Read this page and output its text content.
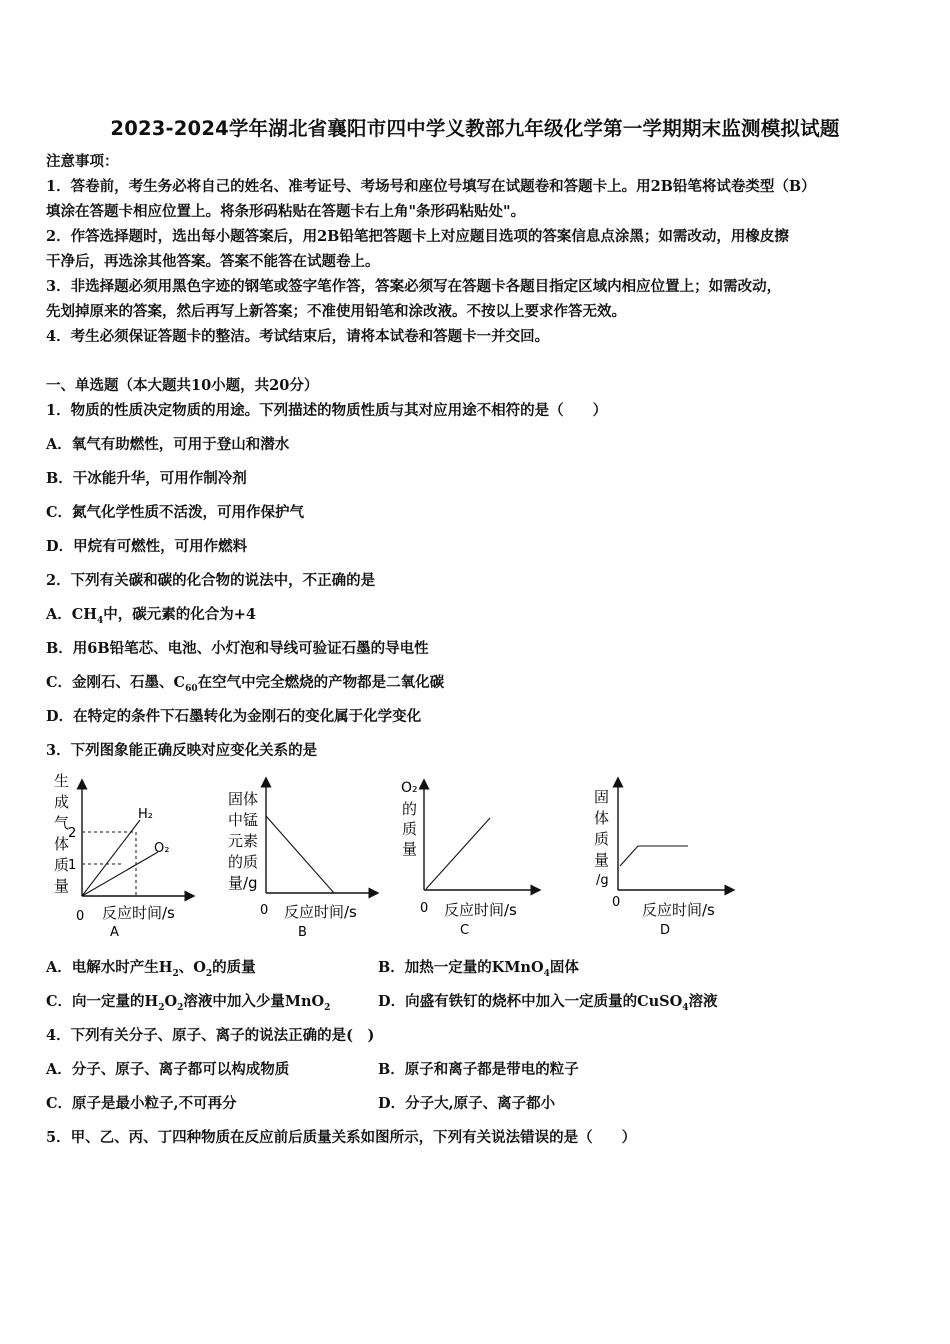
2023-2024学年湖北省襄阳市四中学义教部九年级化学第一学期期末监测模拟试题
注意事项：
1．答卷前，考生务必将自己的姓名、准考证号、考场号和座位号填写在试题卷和答题卡上。用2B铅笔将试卷类型（B）
填涂在答题卡相应位置上。将条形码粘贴在答题卡右上角"条形码粘贴处"。
2．作答选择题时，选出每小题答案后，用2B铅笔把答题卡上对应题目选项的答案信息点涂黑；如需改动，用橡皮擦
干净后，再选涂其他答案。答案不能答在试题卷上。
3．非选择题必须用黑色字迹的钢笔或签字笔作答，答案必须写在答题卡各题目指定区域内相应位置上；如需改动，
先划掉原来的答案，然后再写上新答案；不准使用铅笔和涂改液。不按以上要求作答无效。
4．考生必须保证答题卡的整洁。考试结束后，请将本试卷和答题卡一并交回。
一、单选题（本大题共10小题，共20分）
1．物质的性质决定物质的用途。下列描述的物质性质与其对应用途不相符的是（　　）
A．氧气有助燃性，可用于登山和潜水
B．干冰能升华，可用作制冷剂
C．氮气化学性质不活泼，可用作保护气
D．甲烷有可燃性，可用作燃料
2．下列有关碳和碳的化合物的说法中，不正确的是
A．$CH_4$中，碳元素的化合为+4
B．用6B铅笔芯、电池、小灯泡和导线可验证石墨的导电性
C．金刚石、石墨、$C_{60}$在空气中完全燃烧的产物都是二氧化碳
D．在特定的条件下石墨转化为金刚石的变化属于化学变化
3．下列图象能正确反映对应变化关系的是
生
成
气
体
质
量
2
1
H₂
O₂
0 反应时间/s
A
固体
中锰
元素
的质
量/g
0 反应时间/s
B
O₂
的
质
量
0 反应时间/s
C
固
体
质
量
/g
0 反应时间/s
D
A．电解水时产生$H_2$、$O_2$的质量	B．加热一定量的KMnO$_4$固体
C．向一定量的$H_2O_2$溶液中加入少量MnO$_2$	D．向盛有铁钉的烧杯中加入一定质量的CuSO$_4$溶液
4．下列有关分子、原子、离子的说法正确的是(　)
A．分子、原子、离子都可以构成物质	B．原子和离子都是带电的粒子
C．原子是最小粒子,不可再分	D．分子大,原子、离子都小
5．甲、乙、丙、丁四种物质在反应前后质量关系如图所示，下列有关说法错误的是（　　）
